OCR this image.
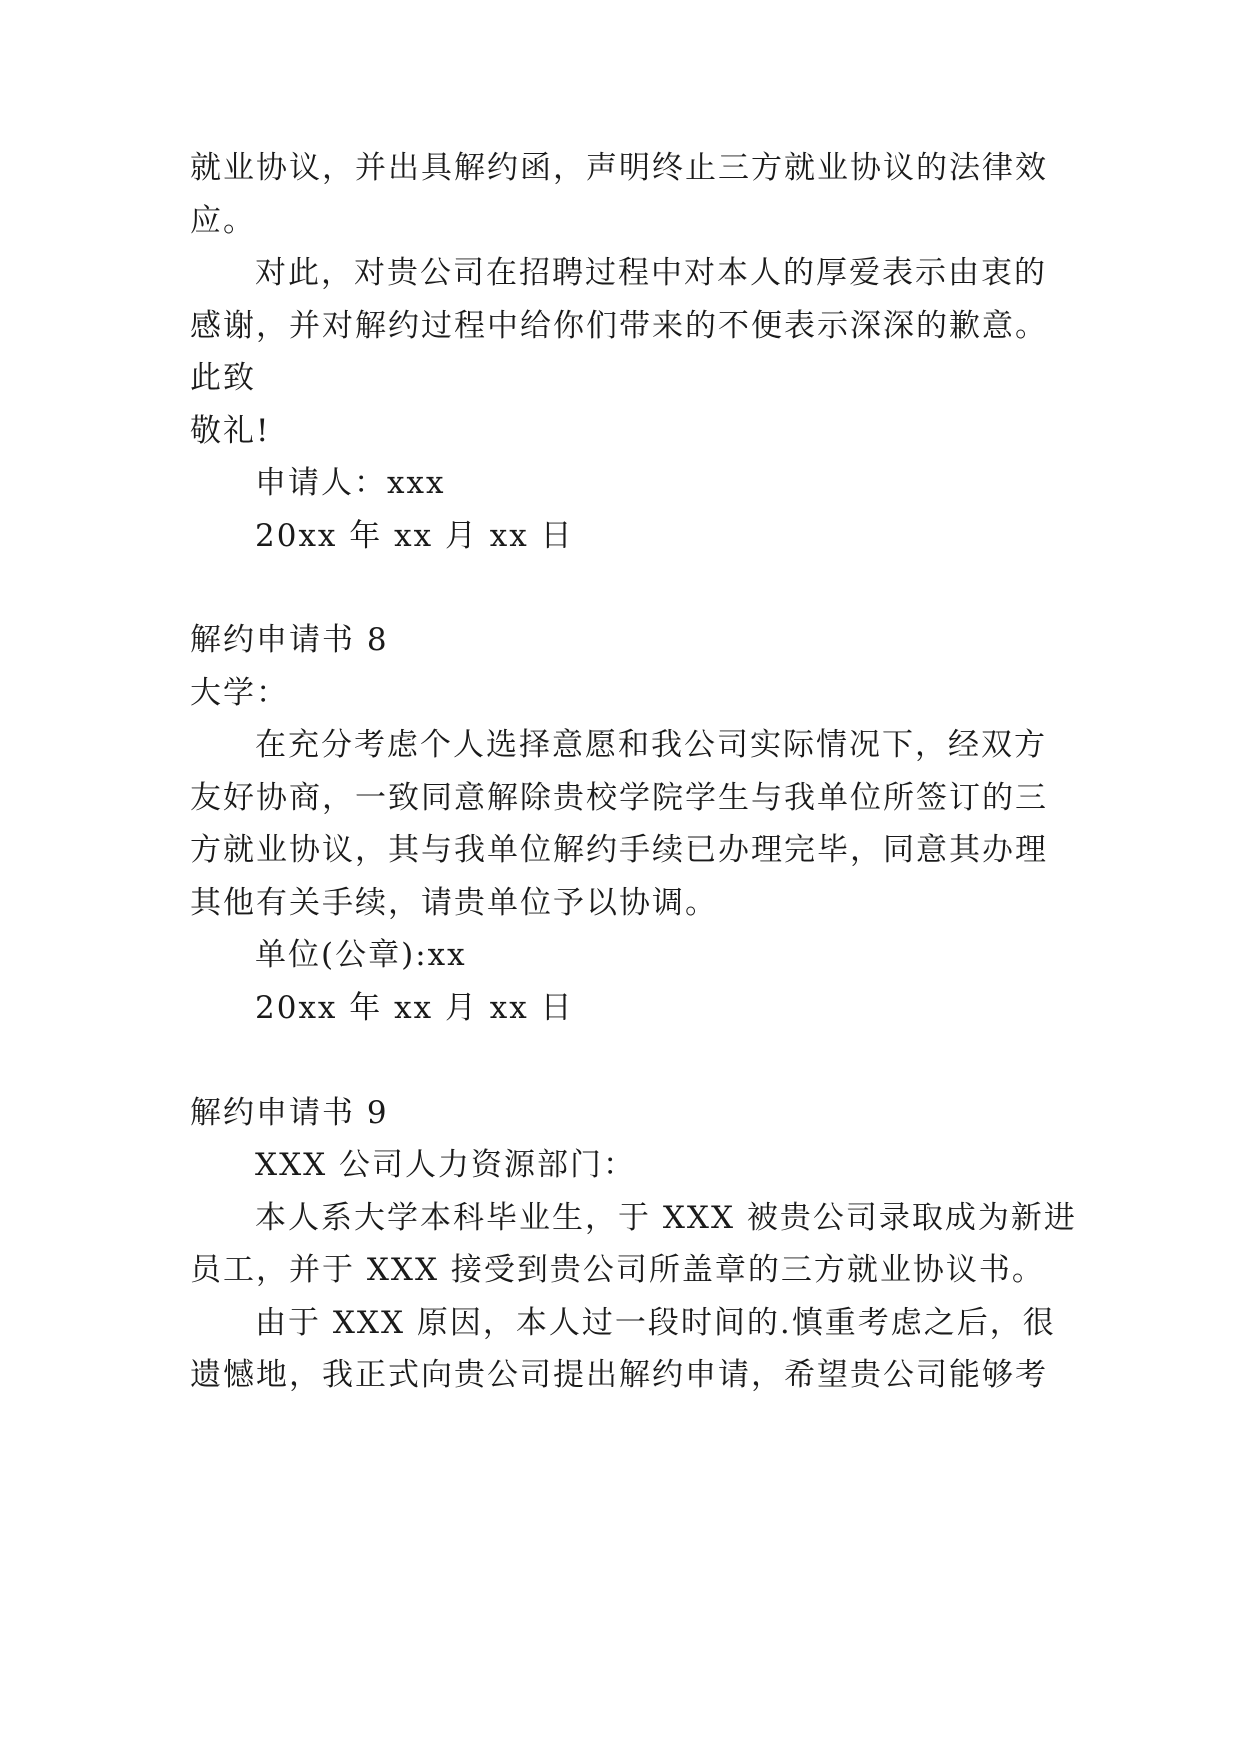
就业协议，并出具解约函，声明终止三方就业协议的法律效
应。
对此，对贵公司在招聘过程中对本人的厚爱表示由衷的
感谢，并对解约过程中给你们带来的不便表示深深的歉意。
此致
敬礼!
申请人：xxx
20xx 年 xx 月 xx 日
解约申请书 8
大学：
在充分考虑个人选择意愿和我公司实际情况下，经双方
友好协商，一致同意解除贵校学院学生与我单位所签订的三
方就业协议，其与我单位解约手续已办理完毕，同意其办理
其他有关手续，请贵单位予以协调。
单位(公章):xx
20xx 年 xx 月 xx 日
解约申请书 9
XXX 公司人力资源部门：
本人系大学本科毕业生，于 XXX 被贵公司录取成为新进
员工，并于 XXX 接受到贵公司所盖章的三方就业协议书。
由于 XXX 原因，本人过一段时间的.慎重考虑之后，很
遗憾地，我正式向贵公司提出解约申请，希望贵公司能够考
